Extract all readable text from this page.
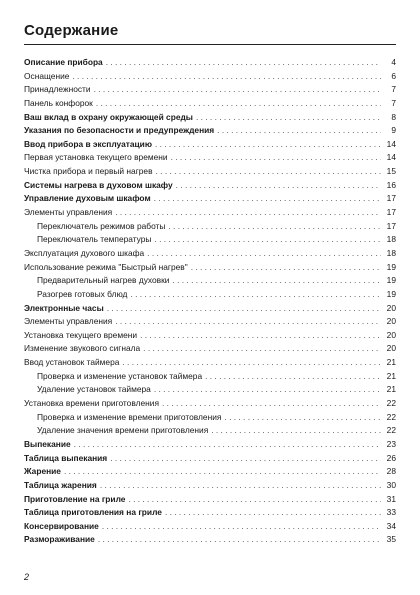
Содержание
Описание прибора . . .	4
Оснащение . . .	6
Принадлежности . . .	7
Панель конфорок . . .	7
Ваш вклад в охрану окружающей среды . . .	8
Указания по безопасности и предупреждения . . .	9
Ввод прибора в эксплуатацию . . .	14
Первая установка текущего времени . . .	14
Чистка прибора и первый нагрев . . .	15
Системы нагрева в духовом шкафу . . .	16
Управление духовым шкафом . . .	17
Элементы управления . . .	17
Переключатель режимов работы . . .	17
Переключатель температуры . . .	18
Эксплуатация духового шкафа . . .	18
Использование режима "Быстрый нагрев" . . .	19
Предварительный нагрев духовки . . .	19
Разогрев готовых блюд . . .	19
Электронные часы . . .	20
Элементы управления . . .	20
Установка текущего времени . . .	20
Изменение звукового сигнала . . .	20
Ввод установок таймера . . .	21
Проверка и изменение установок таймера . . .	21
Удаление установок таймера . . .	21
Установка времени приготовления . . .	22
Проверка и изменение времени приготовления . . .	22
Удаление значения времени приготовления . . .	22
Выпекание . . .	23
Таблица выпекания . . .	26
Жарение . . .	28
Таблица жарения . . .	30
Приготовление на гриле . . .	31
Таблица приготовления на гриле . . .	33
Консервирование . . .	34
Размораживание . . .	35
2
